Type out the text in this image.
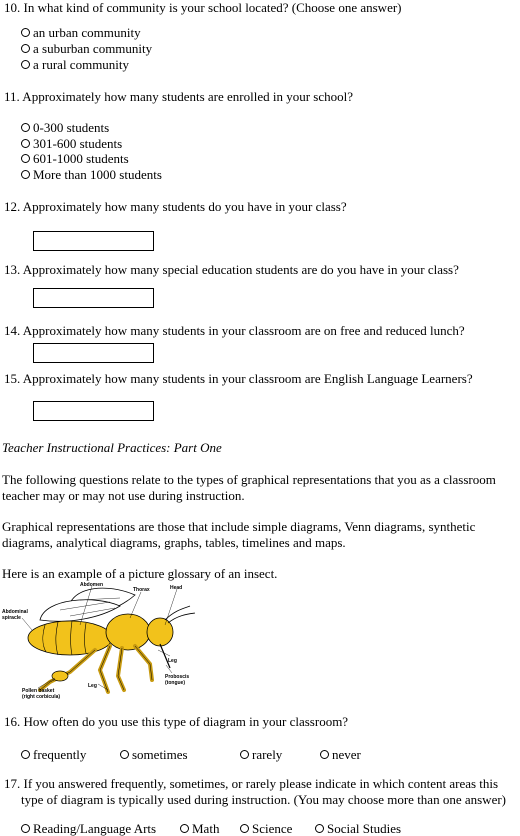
10. In what kind of community is your school located? (Choose one answer)
an urban community
a suburban community
a rural community
11. Approximately how many students are enrolled in your school?
0-300 students
301-600 students
601-1000 students
More than 1000 students
12. Approximately how many students do you have in your class?
13. Approximately how many special education students are do you have in your class?
14. Approximately how many students in your classroom are on free and reduced lunch?
15. Approximately how many students in your classroom are English Language Learners?
Teacher Instructional Practices: Part One
The following questions relate to the types of graphical representations that you as a classroom
teacher may or may not use during instruction.
Graphical representations are those that include simple diagrams, Venn diagrams, synthetic
diagrams, analytical diagrams, graphs, tables, timelines and maps.
Here is an example of a picture glossary of an insect.
Abdomen
Thorax	Head
Abdominal
spiracle
Leg
Leg
Proboscis
(tongue)
Pollen basket
(right corbicula)
16. How often do you use this type of diagram in your classroom?
frequently	sometimes	rarely	never
17. If you answered frequently, sometimes, or rarely please indicate in which content areas this
type of diagram is typically used during instruction. (You may choose more than one answer)
Reading/Language Arts	Math	Science	Social Studies
